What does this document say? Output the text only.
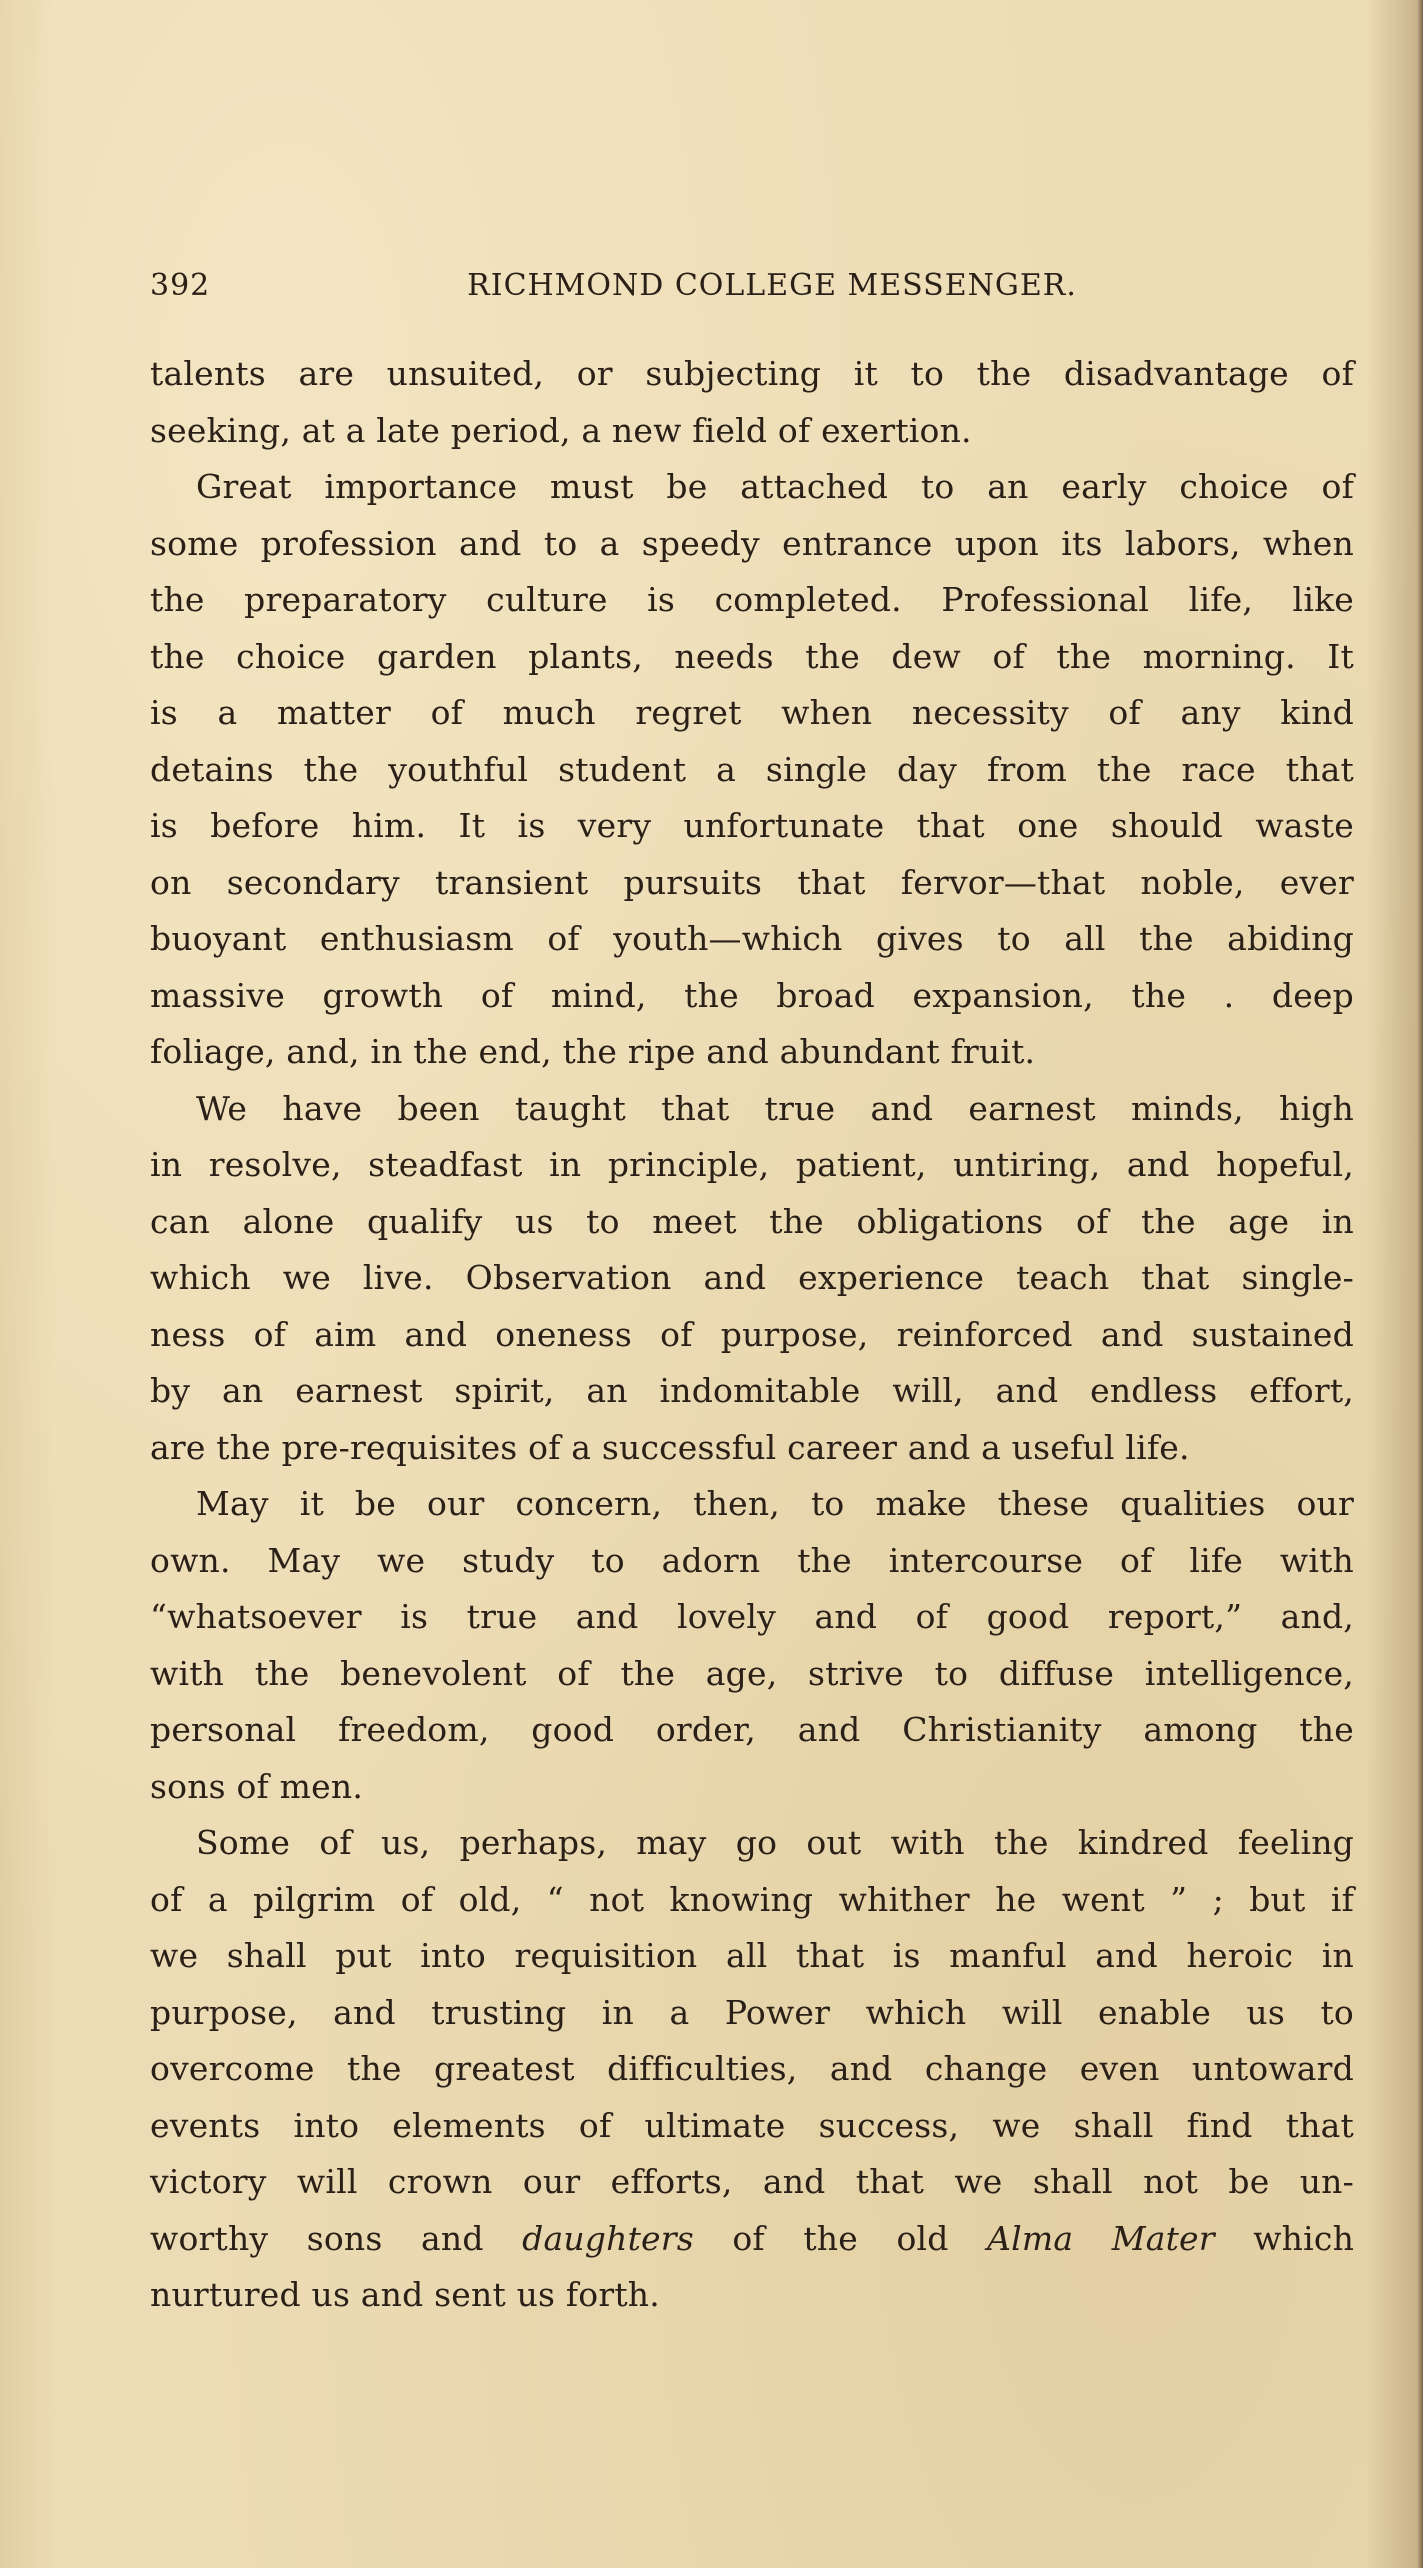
392	RICHMOND COLLEGE MESSENGER.
talents are unsuited, or subjecting it to the disadvantage of
seeking, at a late period, a new field of exertion.
Great importance must be attached to an early choice of
some profession and to a speedy entrance upon its labors, when
the preparatory culture is completed. Professional life, like
the choice garden plants, needs the dew of the morning. It
is a matter of much regret when necessity of any kind
detains the youthful student a single day from the race that
is before him. It is very unfortunate that one should waste
on secondary transient pursuits that fervor—that noble, ever
buoyant enthusiasm of youth—which gives to all the abiding
massive growth of mind, the broad expansion, the . deep
foliage, and, in the end, the ripe and abundant fruit.
We have been taught that true and earnest minds, high
in resolve, steadfast in principle, patient, untiring, and hopeful,
can alone qualify us to meet the obligations of the age in
which we live. Observation and experience teach that single-
ness of aim and oneness of purpose, reinforced and sustained
by an earnest spirit, an indomitable will, and endless effort,
are the pre-requisites of a successful career and a useful life.
May it be our concern, then, to make these qualities our
own. May we study to adorn the intercourse of life with
“whatsoever is true and lovely and of good report,” and,
with the benevolent of the age, strive to diffuse intelligence,
personal freedom, good order, and Christianity among the
sons of men.
Some of us, perhaps, may go out with the kindred feeling
of a pilgrim of old, “ not knowing whither he went ” ; but if
we shall put into requisition all that is manful and heroic in
purpose, and trusting in a Power which will enable us to
overcome the greatest difficulties, and change even untoward
events into elements of ultimate success, we shall find that
victory will crown our efforts, and that we shall not be un-
worthy sons and daughters of the old Alma Mater which
nurtured us and sent us forth.
